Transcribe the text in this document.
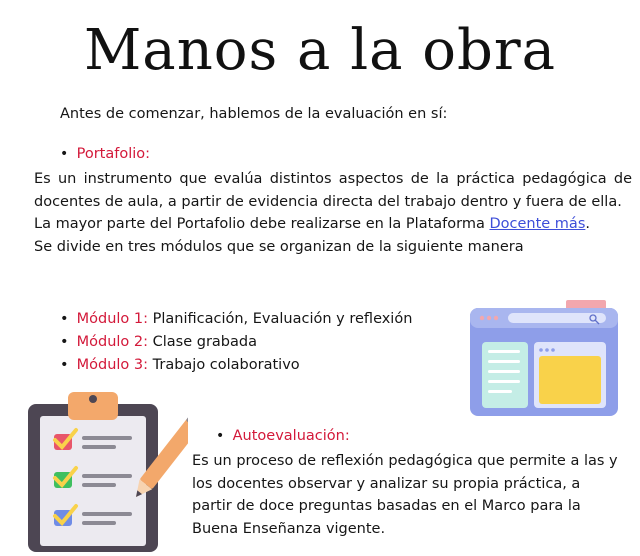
Manos a la obra
Antes de comenzar, hablemos de la evaluación en sí:
• Portafolio:

Es un instrumento que evalúa distintos aspectos de la práctica pedagógica de docentes de aula, a partir de evidencia directa del trabajo dentro y fuera de ella.

La mayor parte del Portafolio debe realizarse en la Plataforma Docente más.

Se divide en tres módulos que se organizan de la siguiente manera

• Módulo 1: Planificación, Evaluación y reflexión
• Módulo 2: Clase grabada
• Módulo 3: Trabajo colaborativo
• Autoevaluación:
Es un proceso de reflexión pedagógica que permite a las y los docentes observar y analizar su propia práctica, a partir de doce preguntas basadas en el Marco para la Buena Enseñanza vigente.
